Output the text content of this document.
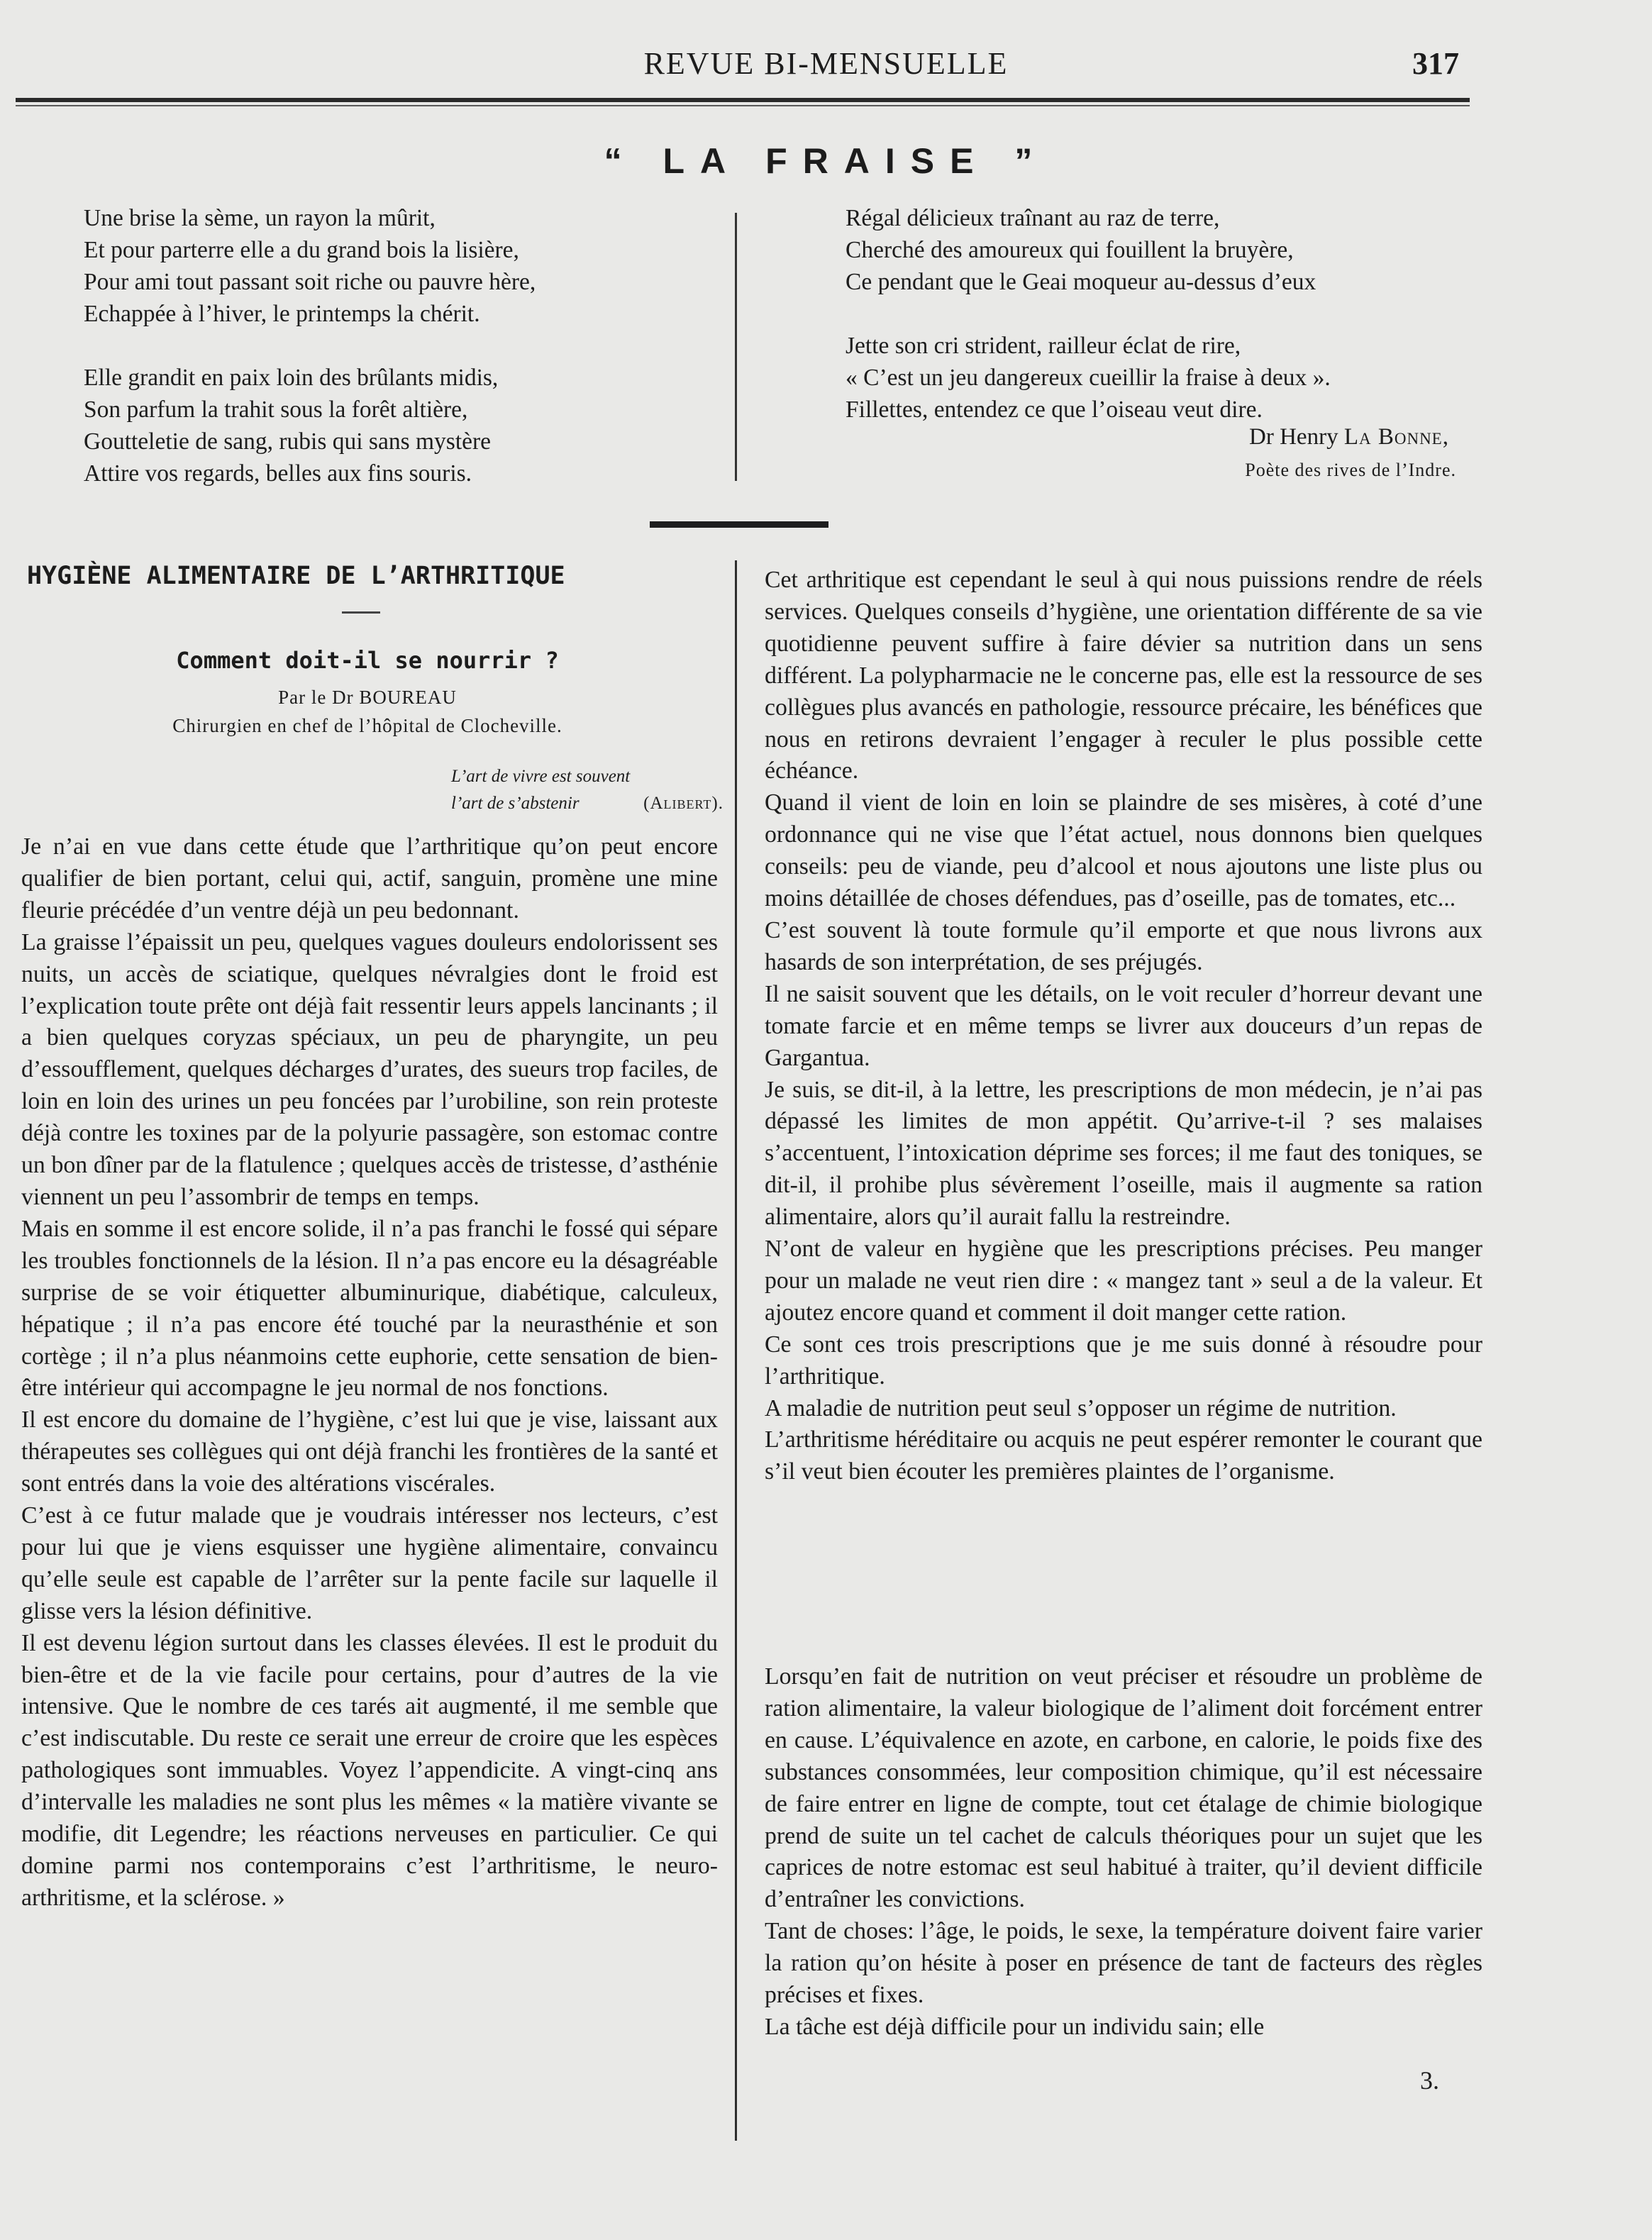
REVUE BI-MENSUELLE	317
“ LA FRAISE ”
Une brise la sème, un rayon la mûrit,
Et pour parterre elle a du grand bois la lisière,
Pour ami tout passant soit riche ou pauvre hère,
Echappée à l’hiver, le printemps la chérit.
Elle grandit en paix loin des brûlants midis,
Son parfum la trahit sous la forêt altière,
Goutteletie de sang, rubis qui sans mystère
Attire vos regards, belles aux fins souris.
Régal délicieux traînant au raz de terre,
Cherché des amoureux qui fouillent la bruyère,
Ce pendant que le Geai moqueur au-dessus d’eux
Jette son cri strident, railleur éclat de rire,
« C’est un jeu dangereux cueillir la fraise à deux ».
Fillettes, entendez ce que l’oiseau veut dire.
Dr Henry La Bonne,
Poète des rives de l’Indre.
HYGIÈNE ALIMENTAIRE DE L’ARTHRITIQUE
Comment doit-il se nourrir ?
Par le Dr BOUREAU
Chirurgien en chef de l’hôpital de Clocheville.
L’art de vivre est souvent
l’art de s’abstenir	(Alibert).

Je n’ai en vue dans cette étude que l’arthritique qu’on peut encore qualifier de bien portant, celui qui, actif, sanguin, promène une mine fleurie précédée d’un ventre déjà un peu bedonnant.

La graisse l’épaissit un peu, quelques vagues douleurs endolorissent ses nuits, un accès de sciatique, quelques névralgies dont le froid est l’explication toute prête ont déjà fait ressentir leurs appels lancinants ; il a bien quelques coryzas spéciaux, un peu de pharyngite, un peu d’essoufflement, quelques décharges d’urates, des sueurs trop faciles, de loin en loin des urines un peu foncées par l’urobiline, son rein proteste déjà contre les toxines par de la polyurie passagère, son estomac contre un bon dîner par de la flatulence ; quelques accès de tristesse, d’asthénie viennent un peu l’assombrir de temps en temps.

Mais en somme il est encore solide, il n’a pas franchi le fossé qui sépare les troubles fonctionnels de la lésion. Il n’a pas encore eu la désagréable surprise de se voir étiquetter albuminurique, diabétique, calculeux, hépatique ; il n’a pas encore été touché par la neurasthénie et son cortège ; il n’a plus néanmoins cette euphorie, cette sensation de bien-être intérieur qui accompagne le jeu normal de nos fonctions.

Il est encore du domaine de l’hygiène, c’est lui que je vise, laissant aux thérapeutes ses collègues qui ont déjà franchi les frontières de la santé et sont entrés dans la voie des altérations viscérales.

C’est à ce futur malade que je voudrais intéresser nos lecteurs, c’est pour lui que je viens esquisser une hygiène alimentaire, convaincu qu’elle seule est capable de l’arrêter sur la pente facile sur laquelle il glisse vers la lésion définitive.

Il est devenu légion surtout dans les classes élevées. Il est le produit du bien-être et de la vie facile pour certains, pour d’autres de la vie intensive. Que le nombre de ces tarés ait augmenté, il me semble que c’est indiscutable. Du reste ce serait une erreur de croire que les espèces pathologiques sont immuables. Voyez l’appendicite. A vingt-cinq ans d’intervalle les maladies ne sont plus les mêmes « la matière vivante se modifie, dit Legendre; les réactions nerveuses en particulier. Ce qui domine parmi nos contemporains c’est l’arthritisme, le neuro-arthritisme, et la sclérose. »

Cet arthritique est cependant le seul à qui nous puissions rendre de réels services. Quelques conseils d’hygiène, une orientation différente de sa vie quotidienne peuvent suffire à faire dévier sa nutrition dans un sens différent. La polypharmacie ne le concerne pas, elle est la ressource de ses collègues plus avancés en pathologie, ressource précaire, les bénéfices que nous en retirons devraient l’engager à reculer le plus possible cette échéance.

Quand il vient de loin en loin se plaindre de ses misères, à coté d’une ordonnance qui ne vise que l’état actuel, nous donnons bien quelques conseils: peu de viande, peu d’alcool et nous ajoutons une liste plus ou moins détaillée de choses défendues, pas d’oseille, pas de tomates, etc...

C’est souvent là toute formule qu’il emporte et que nous livrons aux hasards de son interprétation, de ses préjugés.

Il ne saisit souvent que les détails, on le voit reculer d’horreur devant une tomate farcie et en même temps se livrer aux douceurs d’un repas de Gargantua.

Je suis, se dit-il, à la lettre, les prescriptions de mon médecin, je n’ai pas dépassé les limites de mon appétit. Qu’arrive-t-il ? ses malaises s’accentuent, l’intoxication déprime ses forces; il me faut des toniques, se dit-il, il prohibe plus sévèrement l’oseille, mais il augmente sa ration alimentaire, alors qu’il aurait fallu la restreindre.

N’ont de valeur en hygiène que les prescriptions précises. Peu manger pour un malade ne veut rien dire : « mangez tant » seul a de la valeur. Et ajoutez encore quand et comment il doit manger cette ration.

Ce sont ces trois prescriptions que je me suis donné à résoudre pour l’arthritique.

A maladie de nutrition peut seul s’opposer un régime de nutrition.

L’arthritisme héréditaire ou acquis ne peut espérer remonter le courant que s’il veut bien écouter les premières plaintes de l’organisme.

Lorsqu’en fait de nutrition on veut préciser et résoudre un problème de ration alimentaire, la valeur biologique de l’aliment doit forcément entrer en cause. L’équivalence en azote, en carbone, en calorie, le poids fixe des substances consommées, leur composition chimique, qu’il est nécessaire de faire entrer en ligne de compte, tout cet étalage de chimie biologique prend de suite un tel cachet de calculs théoriques pour un sujet que les caprices de notre estomac est seul habitué à traiter, qu’il devient difficile d’entraîner les convictions.

Tant de choses: l’âge, le poids, le sexe, la température doivent faire varier la ration qu’on hésite à poser en présence de tant de facteurs des règles précises et fixes.

La tâche est déjà difficile pour un individu sain; elle

3.
